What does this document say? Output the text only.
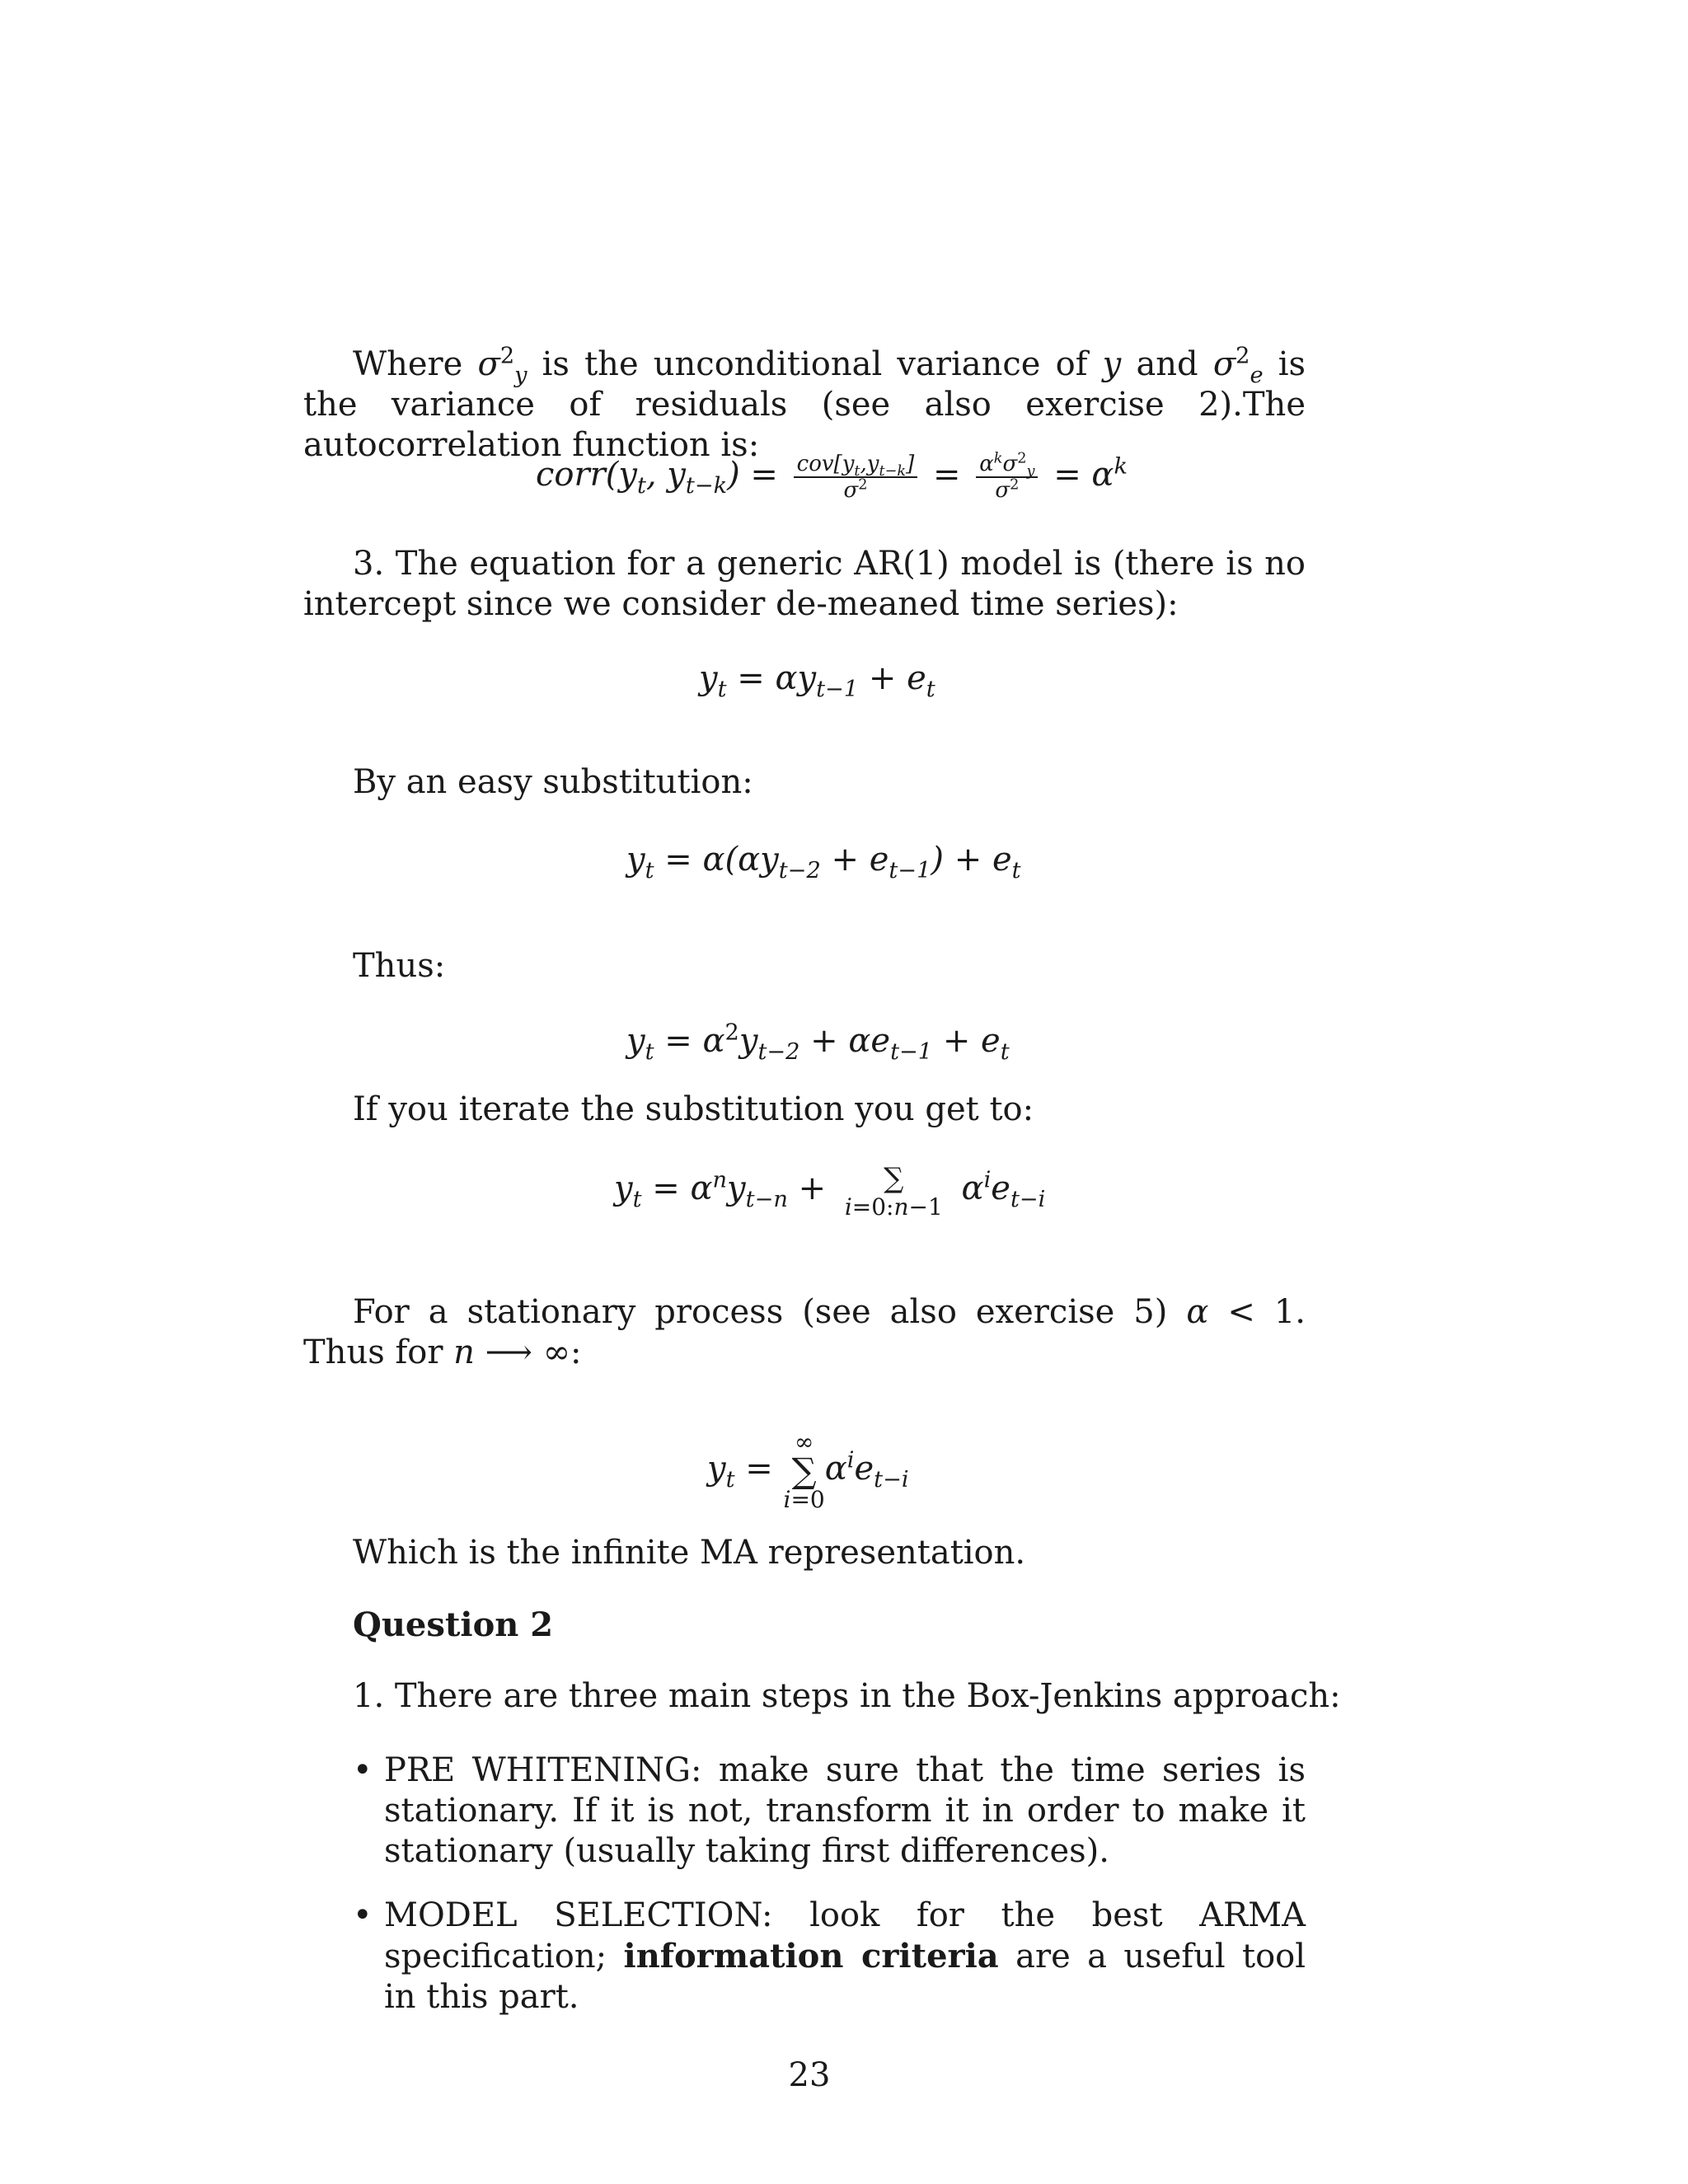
Where $\sigma^2_y$ is the unconditional variance of y and $\sigma^2_e$ is the variance of residuals (see also exercise 2).The autocorrelation function is:
$corr(y_t$, $y_{t-k}) = \frac{cov[y_t,y_{t-k}]}{\sigma^2} = \frac{\alpha^k\sigma^2_y}{\sigma^2} = \alpha^k$
3. The equation for a generic AR(1) model is (there is no intercept since we consider de-meaned time series):
$y_t = \alpha y_{t-1} + e_t$
By an easy substitution:
$y_t = \alpha(\alpha y_{t-2} + e_{t-1}) + e_t$
Thus:
$y_t = \alpha^2y_{t-2} + \alpha e_{t-1} + e_t$
If you iterate the substitution you get to:
$y_t = \alpha^ny_{t-n}$ +	∑
i=0:n−1 $\alpha^ie_{t-i}$
For a stationary process (see also exercise 5) α < 1. Thus for n ⟶ ∞:
$y_t$ =
∞
∑
i=0
$\alpha^ie_{t-i}$
Which is the infinite MA representation.
Question 2
1. There are three main steps in the Box-Jenkins approach:
• PRE WHITENING: make sure that the time series is stationary. If it is not, transform it in order to make it stationary (usually taking first differences).
• MODEL SELECTION: look for the best ARMA specification; information criteria are a useful tool in this part.
23
